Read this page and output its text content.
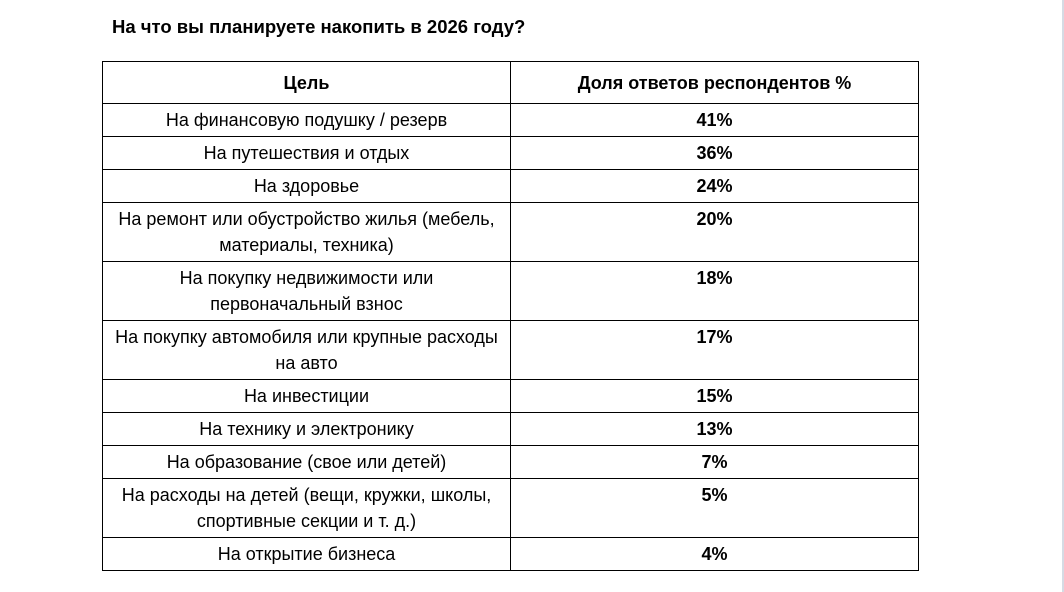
На что вы планируете накопить в 2026 году?
Цель	Доля ответов респондентов %
На финансовую подушку / резерв	41%
На путешествия и отдых	36%
На здоровье	24%
На ремонт или обустройство жилья (мебель, материалы, техника)	20%
На покупку недвижимости или первоначальный взнос	18%
На покупку автомобиля или крупные расходы на авто	17%
На инвестиции	15%
На технику и электронику	13%
На образование (свое или детей)	7%
На расходы на детей (вещи, кружки, школы, спортивные секции и т. д.)	5%
На открытие бизнеса	4%
